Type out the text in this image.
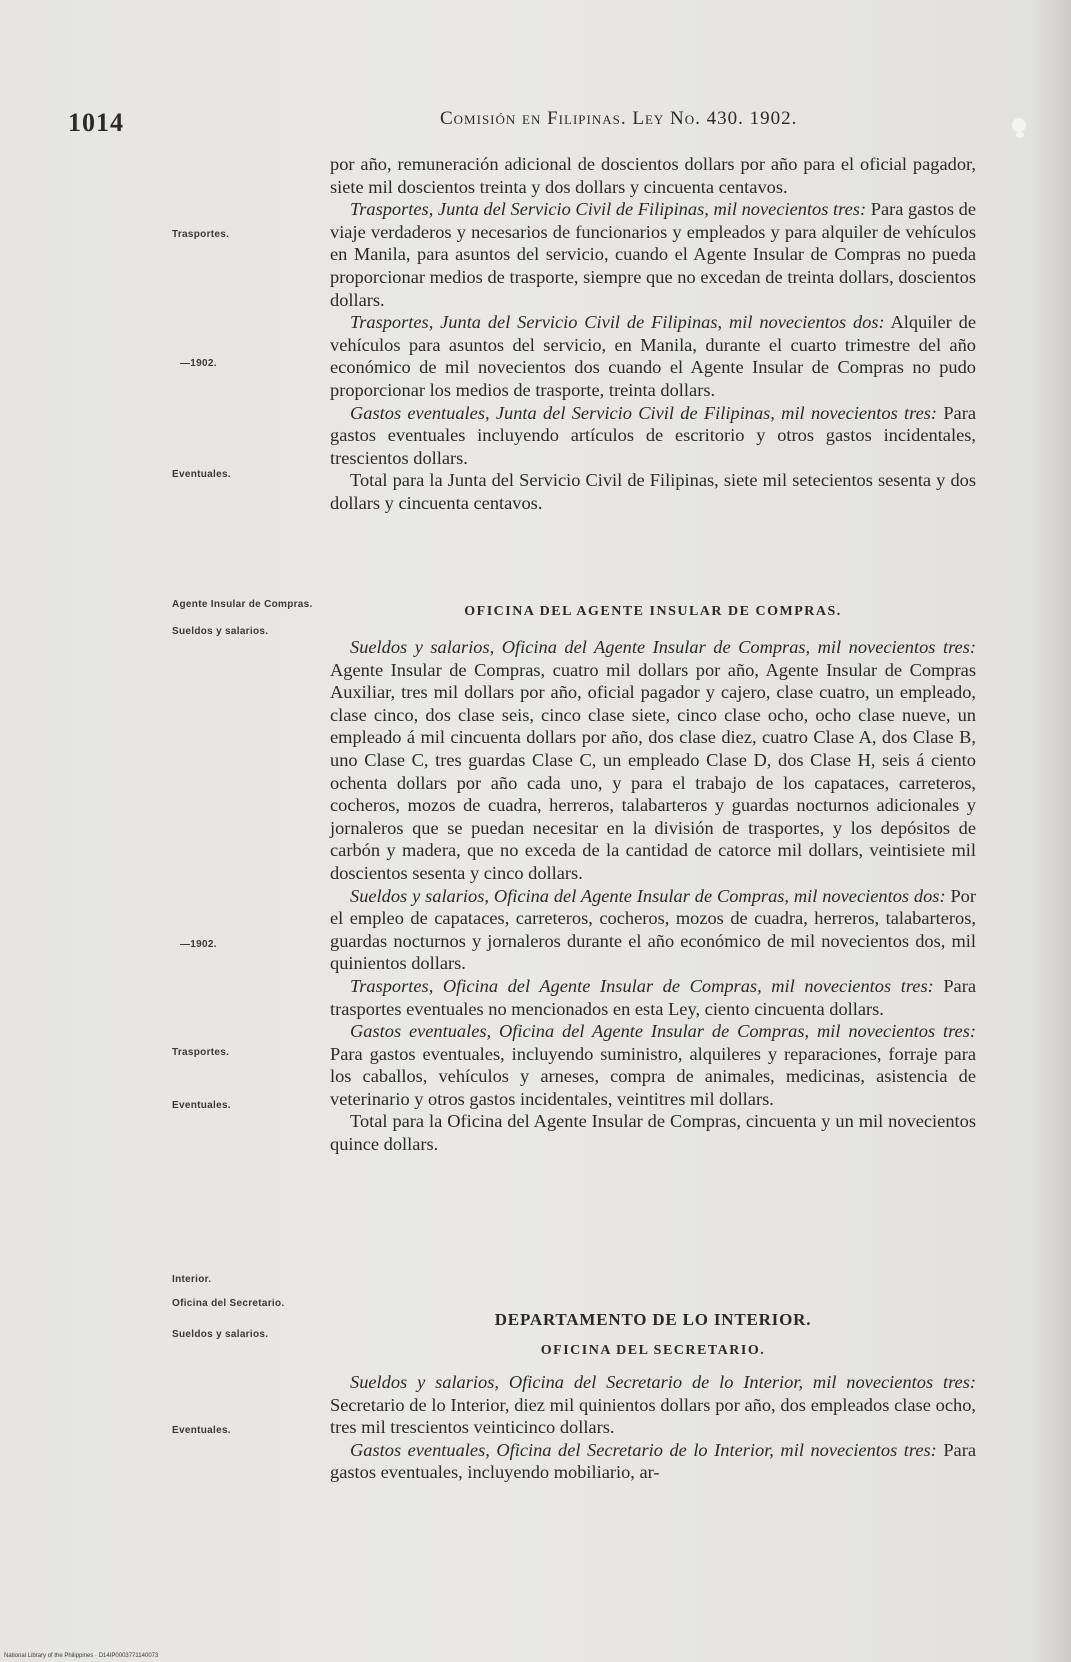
1014	Comisión en Filipinas. Ley No. 430. 1902.
Trasportes.
—1902.
Eventuales.
Agente Insular de Compras.
Sueldos y salarios.
—1902.
Trasportes.
Eventuales.
Interior.
Oficina del Secretario.
Sueldos y salarios.
Eventuales.

por año, remuneración adicional de doscientos dollars por año para el oficial pagador, siete mil doscientos treinta y dos dollars y cincuenta centavos.

Trasportes, Junta del Servicio Civil de Filipinas, mil novecientos tres: Para gastos de viaje verdaderos y necesarios de funcionarios y empleados y para alquiler de vehículos en Manila, para asuntos del servicio, cuando el Agente Insular de Compras no pueda proporcionar medios de trasporte, siempre que no excedan de treinta dollars, doscientos dollars.

Trasportes, Junta del Servicio Civil de Filipinas, mil novecientos dos: Alquiler de vehículos para asuntos del servicio, en Manila, durante el cuarto trimestre del año económico de mil novecientos dos cuando el Agente Insular de Compras no pudo proporcionar los medios de trasporte, treinta dollars.

Gastos eventuales, Junta del Servicio Civil de Filipinas, mil novecientos tres: Para gastos eventuales incluyendo artículos de escritorio y otros gastos incidentales, trescientos dollars.

Total para la Junta del Servicio Civil de Filipinas, siete mil setecientos sesenta y dos dollars y cincuenta centavos.

OFICINA DEL AGENTE INSULAR DE COMPRAS.

Sueldos y salarios, Oficina del Agente Insular de Compras, mil novecientos tres: Agente Insular de Compras, cuatro mil dollars por año, Agente Insular de Compras Auxiliar, tres mil dollars por año, oficial pagador y cajero, clase cuatro, un empleado, clase cinco, dos clase seis, cinco clase siete, cinco clase ocho, ocho clase nueve, un empleado á mil cincuenta dollars por año, dos clase diez, cuatro Clase A, dos Clase B, uno Clase C, tres guardas Clase C, un empleado Clase D, dos Clase H, seis á ciento ochenta dollars por año cada uno, y para el trabajo de los capataces, carreteros, cocheros, mozos de cuadra, herreros, talabarteros y guardas nocturnos adicionales y jornaleros que se puedan necesitar en la división de trasportes, y los depósitos de carbón y madera, que no exceda de la cantidad de catorce mil dollars, veintisiete mil doscientos sesenta y cinco dollars.

Sueldos y salarios, Oficina del Agente Insular de Compras, mil novecientos dos: Por el empleo de capataces, carreteros, cocheros, mozos de cuadra, herreros, talabarteros, guardas nocturnos y jornaleros durante el año económico de mil novecientos dos, mil quinientos dollars.

Trasportes, Oficina del Agente Insular de Compras, mil novecientos tres: Para trasportes eventuales no mencionados en esta Ley, ciento cincuenta dollars.

Gastos eventuales, Oficina del Agente Insular de Compras, mil novecientos tres: Para gastos eventuales, incluyendo suministro, alquileres y reparaciones, forraje para los caballos, vehículos y arneses, compra de animales, medicinas, asistencia de veterinario y otros gastos incidentales, veintitres mil dollars.

Total para la Oficina del Agente Insular de Compras, cincuenta y un mil novecientos quince dollars.

DEPARTAMENTO DE LO INTERIOR.
OFICINA DEL SECRETARIO.

Sueldos y salarios, Oficina del Secretario de lo Interior, mil novecientos tres: Secretario de lo Interior, diez mil quinientos dollars por año, dos empleados clase ocho, tres mil trescientos veinticinco dollars.

Gastos eventuales, Oficina del Secretario de lo Interior, mil novecientos tres: Para gastos eventuales, incluyendo mobiliario, ar-

National Library of the Philippines · D14IP0003771140073
